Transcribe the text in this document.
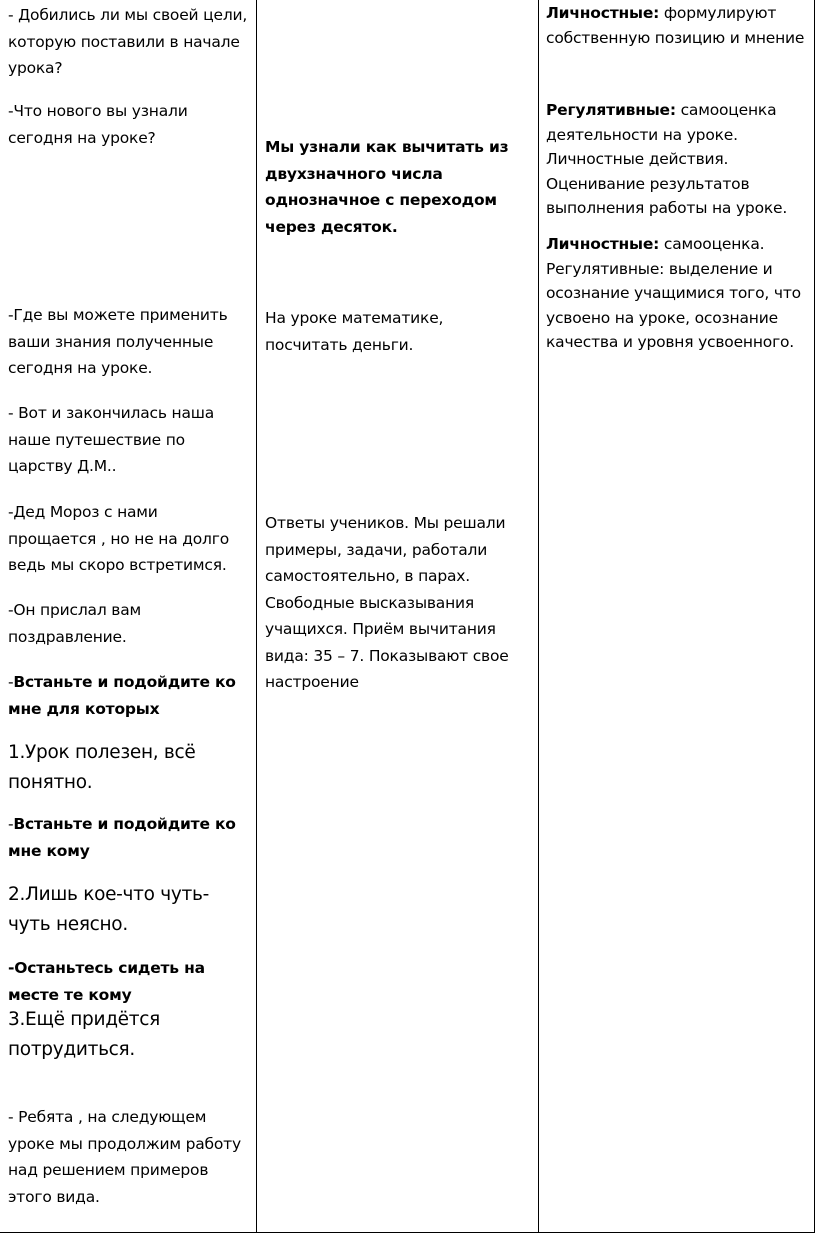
- Добились ли мы своей цели, которую поставили в начале урока?

-Что нового вы узнали сегодня на уроке?

-Где вы можете применить ваши знания полученные сегодня на уроке.

- Вот и закончилась наша наше путешествие по царству Д.М..

-Дед Мороз с нами прощается , но не на долго ведь мы скоро встретимся.

-Он прислал вам поздравление.

-Встаньте и подойдите ко мне для которых

1.Урок полезен, всё понятно.

-Встаньте и подойдите ко мне кому

2.Лишь кое-что чуть-чуть неясно.

-Останьтесь сидеть на месте те кому

3.Ещё придётся потрудиться.

- Ребята , на следующем уроке мы продолжим работу над решением примеров этого вида.

Мы узнали как вычитать из двухзначного числа однозначное с переходом через десяток.

На уроке математике, посчитать деньги.

Ответы учеников. Мы решали примеры, задачи, работали самостоятельно, в парах. Свободные высказывания учащихся. Приём вычитания вида: 35 – 7. Показывают свое настроение

Личностные: формулируют собственную позицию и мнение

Регулятивные: самооценка деятельности на уроке. Личностные действия. Оценивание результатов выполнения работы на уроке.

Личностные: самооценка. Регулятивные: выделение и осознание учащимися того, что усвоено на уроке, осознание качества и уровня усвоенного.
